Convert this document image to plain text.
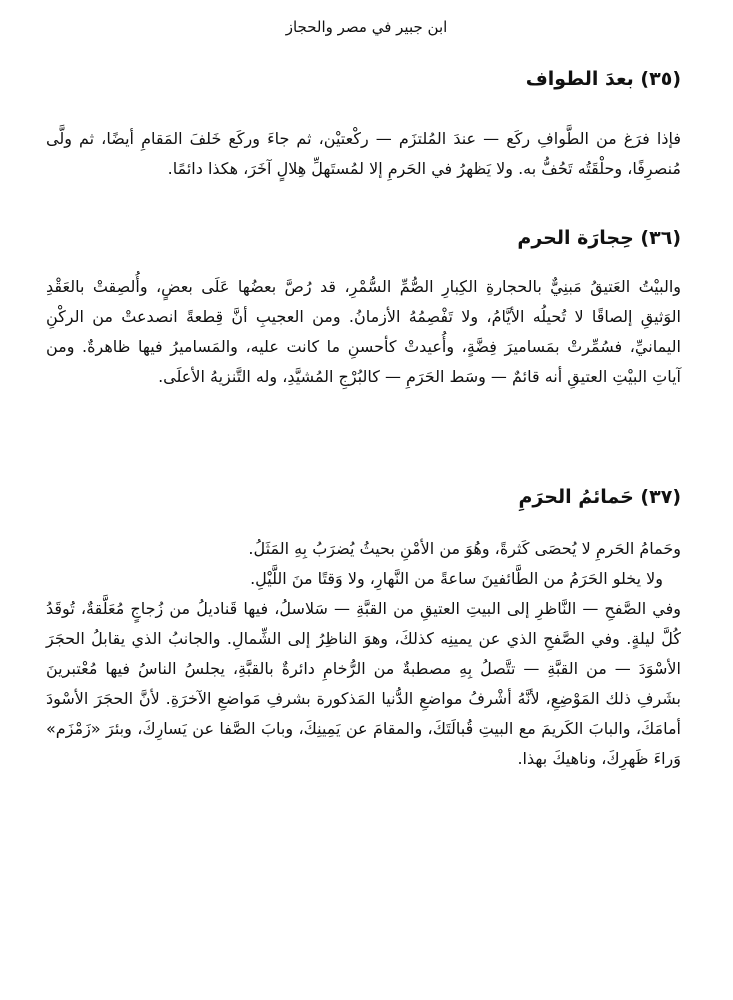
ابن جبير في مصر والحجاز
(٣٥) بعدَ الطواف

فإذا فرَغ من الطَّوافِ ركَع — عندَ المُلتزَم — ركْعتيْن، ثم جاءَ وركَع خَلفَ المَقامِ أيضًا، ثم ولَّى مُنصرِفًا، وحلْقَتُه تَحُفُّ به. ولا يَظهرُ في الحَرمِ إلا لمُستَهلِّ هِلالٍ آخَرَ، هكذا دائمًا.

(٣٦) حِجارَة الحرم

والبيْتُ العَتيقُ مَبنِيٌّ بالحجارةِ الكِبارِ الصُّمِّ السُّمْرِ، قد رُصَّ بعضُها عَلَى بعضٍ، وأُلصِقتْ بالعَقْدِ الوَثيقِ إلصاقًا لا تُحيلُه الأيَّامُ، ولا تَفْصِمُهُ الأزمانُ. ومن العجيبِ أنَّ قِطعةً انصدعتْ من الركْنِ اليمانيِّ، فسُمِّرتْ بمَساميرَ فِضَّةٍ، وأُعيدتْ كأحسنِ ما كانت عليه، والمَساميرُ فيها ظاهرةٌ. ومن آياتِ البيْتِ العتيقِ أنه قائمٌ — وسَط الحَرَمِ — كالبُرْجِ المُشيَّدِ، وله التَّنزيهُ الأعلَى.

(٣٧) حَمائمُ الحرَمِ
وحَمامُ الحَرمِ لا يُحصَى كَثرةً، وهُوَ من الأمْنِ بحيثُ يُضرَبُ بِهِ المَثَلُ.
ولا يخلو الحَرَمُ من الطَّائفينَ ساعةً من النَّهارِ، ولا وَقتًا منَ اللَّيْلِ.

وفي الصَّفحِ — النَّاظرِ إلى البيتِ العتيقِ من القبَّةِ — سَلاسلُ، فيها قَناديلُ من زُجاجٍ مُعَلَّقةٌ، تُوقَدُ كُلَّ ليلةٍ. وفي الصَّفحِ الذي عن يمينِه كذلكَ، وهوَ الناظِرُ إلى الشِّمالِ. والجانبُ الذي يقابلُ الحجَرَ الأسْوَدَ — من القبَّةِ — تتَّصلُ بِهِ مصطبةٌ من الرُّخامِ دائرةٌ بالقبَّةِ، يجلسُ الناسُ فيها مُعْتبرينَ بشَرفِ ذلك المَوْضِعِ، لأنَّهُ أشْرفُ مواضعِ الدُّنيا المَذكورة بشرفِ مَواضعِ الآخرَةِ. لأنَّ الحجَرَ الأسْودَ أمامَكَ، والبابَ الكَريمَ مع البيتِ قُبالَتَكَ، والمقامَ عن يَمِينِكَ، وبابَ الصَّفا عن يَسارِكَ، وبئرَ «زَمْزَم» وَراءَ ظَهرِكَ، وناهيكَ بهذا.
